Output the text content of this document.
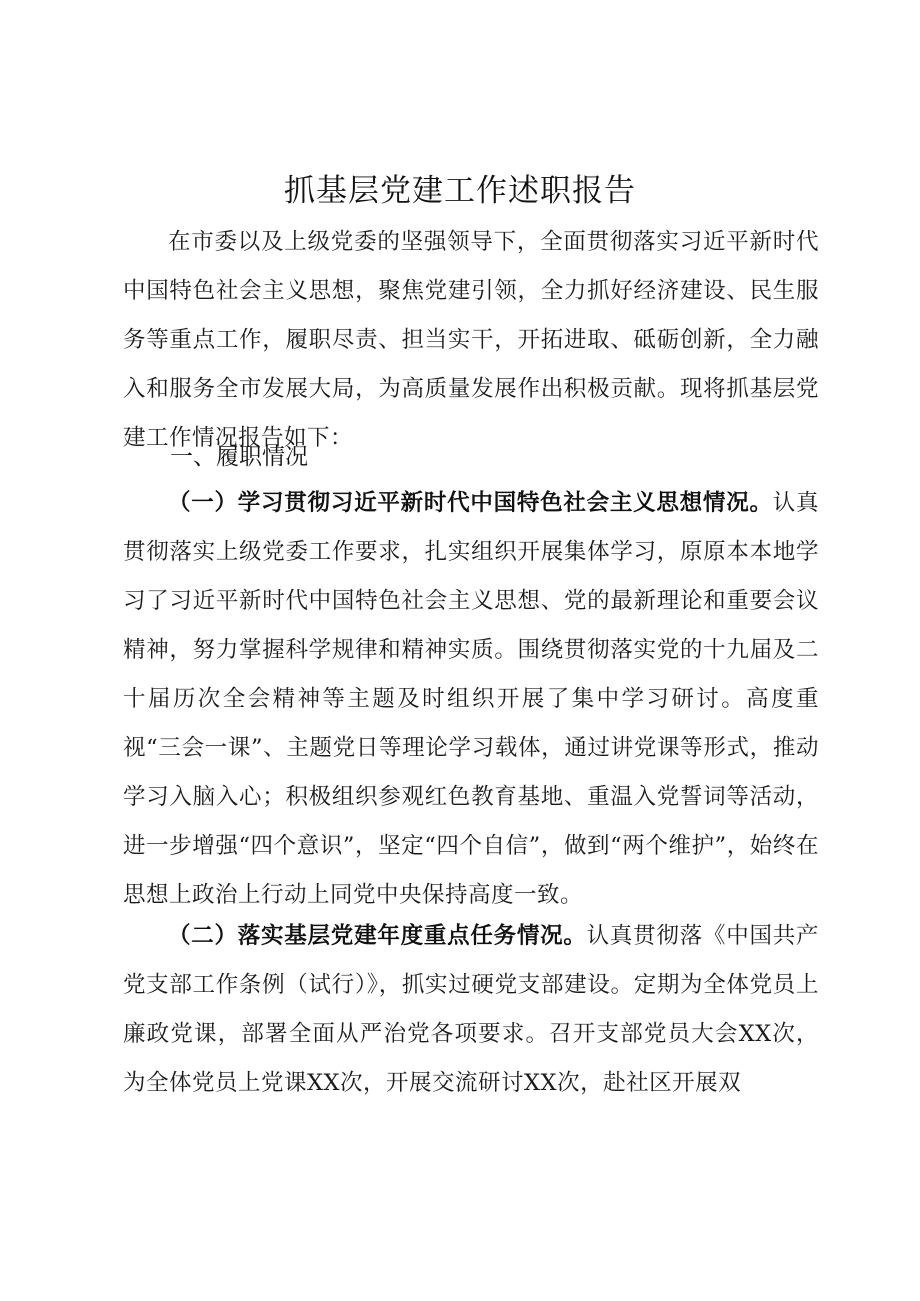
抓基层党建工作述职报告

在市委以及上级党委的坚强领导下，全面贯彻落实习近平新时代中国特色社会主义思想，聚焦党建引领，全力抓好经济建设、民生服务等重点工作，履职尽责、担当实干，开拓进取、砥砺创新，全力融入和服务全市发展大局，为高质量发展作出积极贡献。现将抓基层党建工作情况报告如下：

一、履职情况

（一）学习贯彻习近平新时代中国特色社会主义思想情况。认真贯彻落实上级党委工作要求，扎实组织开展集体学习，原原本本地学习了习近平新时代中国特色社会主义思想、党的最新理论和重要会议精神，努力掌握科学规律和精神实质。围绕贯彻落实党的十九届及二十届历次全会精神等主题及时组织开展了集中学习研讨。高度重视“三会一课”、主题党日等理论学习载体，通过讲党课等形式，推动学习入脑入心；积极组织参观红色教育基地、重温入党誓词等活动，进一步增强“四个意识”，坚定“四个自信”，做到“两个维护”，始终在思想上政治上行动上同党中央保持高度一致。

（二）落实基层党建年度重点任务情况。认真贯彻落《中国共产党支部工作条例（试行）》，抓实过硬党支部建设。定期为全体党员上廉政党课，部署全面从严治党各项要求。召开支部党员大会XX次，为全体党员上党课XX次，开展交流研讨XX次，赴社区开展双
